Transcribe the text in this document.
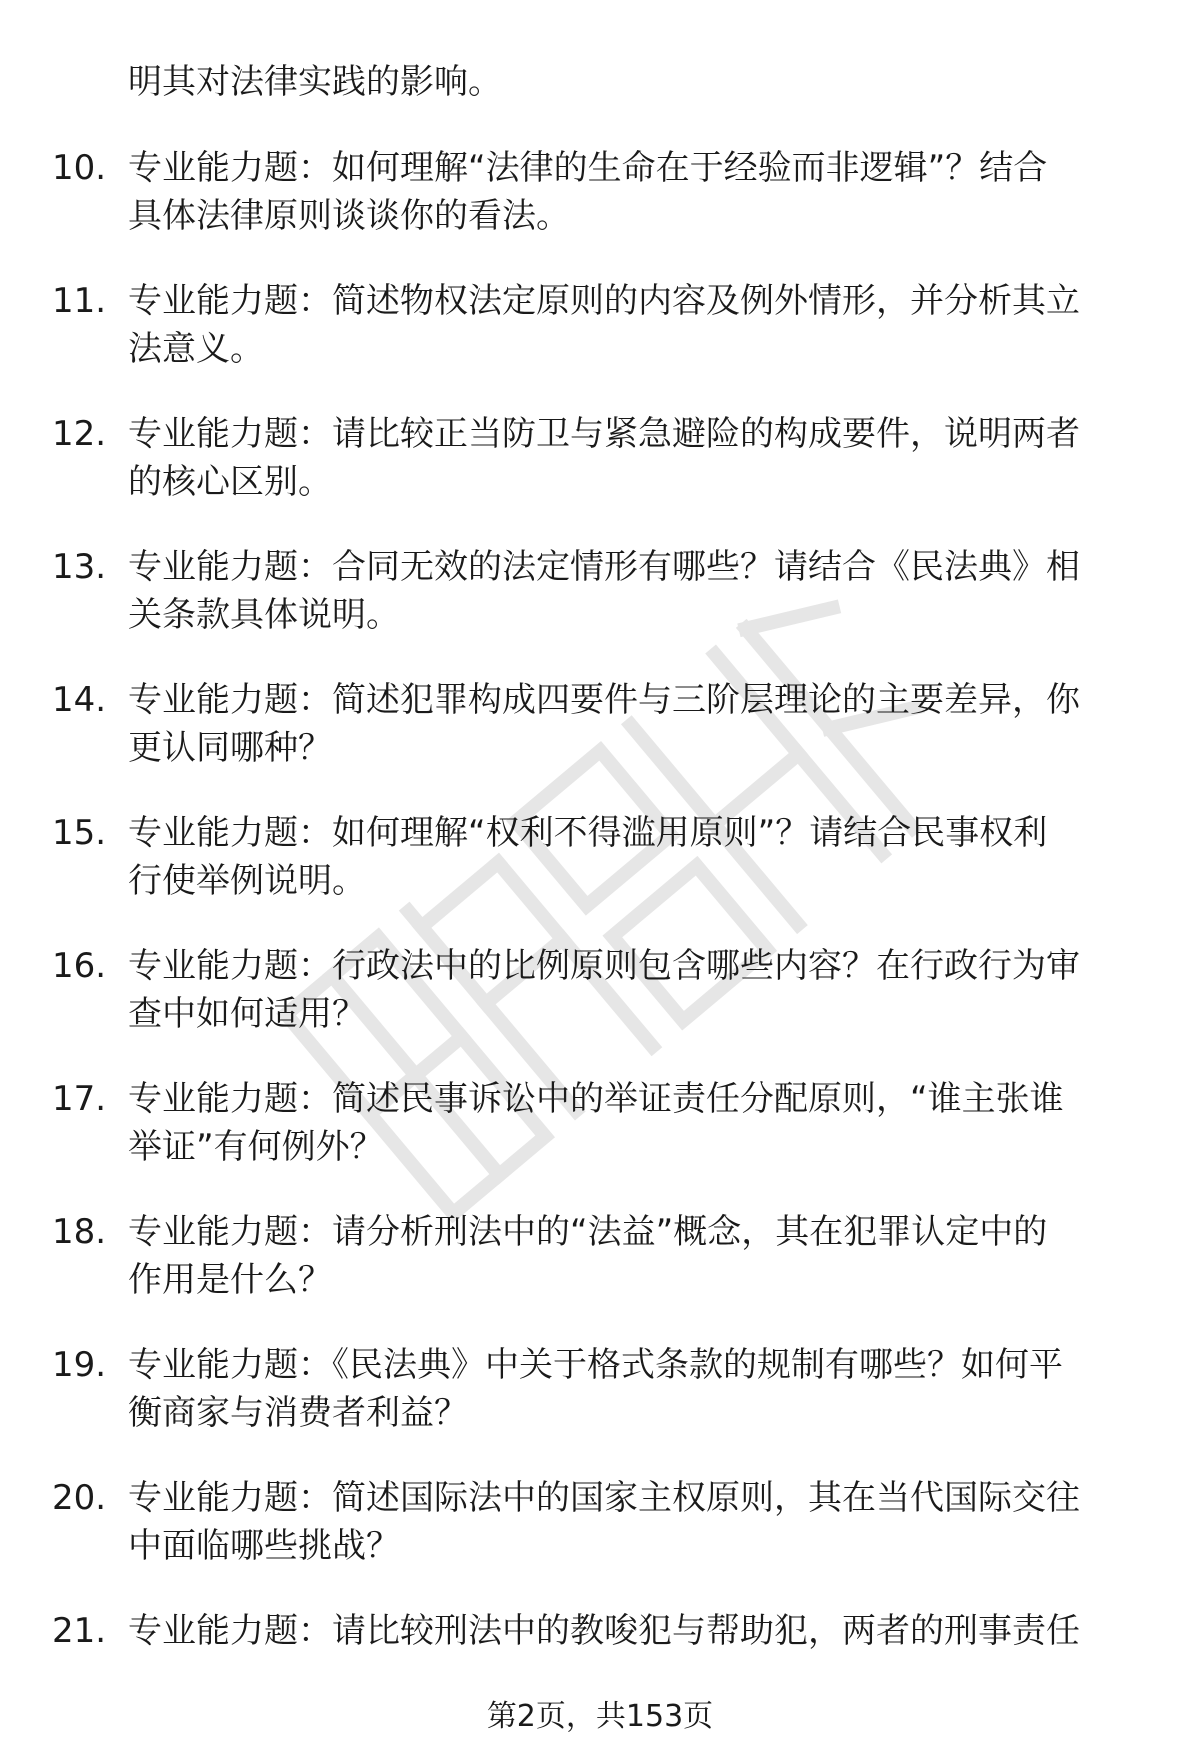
明其对法律实践的影响。
10. 专业能力题：如何理解“法律的生命在于经验而非逻辑”？结合
具体法律原则谈谈你的看法。
11. 专业能力题：简述物权法定原则的内容及例外情形，并分析其立
法意义。
12. 专业能力题：请比较正当防卫与紧急避险的构成要件，说明两者
的核心区别。
13. 专业能力题：合同无效的法定情形有哪些？请结合《民法典》相
关条款具体说明。
14. 专业能力题：简述犯罪构成四要件与三阶层理论的主要差异，你
更认同哪种？
15. 专业能力题：如何理解“权利不得滥用原则”？请结合民事权利
行使举例说明。
16. 专业能力题：行政法中的比例原则包含哪些内容？在行政行为审
查中如何适用？
17. 专业能力题：简述民事诉讼中的举证责任分配原则，“谁主张谁
举证”有何例外？
18. 专业能力题：请分析刑法中的“法益”概念，其在犯罪认定中的
作用是什么？
19. 专业能力题：《民法典》中关于格式条款的规制有哪些？如何平
衡商家与消费者利益？
20. 专业能力题：简述国际法中的国家主权原则，其在当代国际交往
中面临哪些挑战？
21. 专业能力题：请比较刑法中的教唆犯与帮助犯，两者的刑事责任
第2页，共153页
